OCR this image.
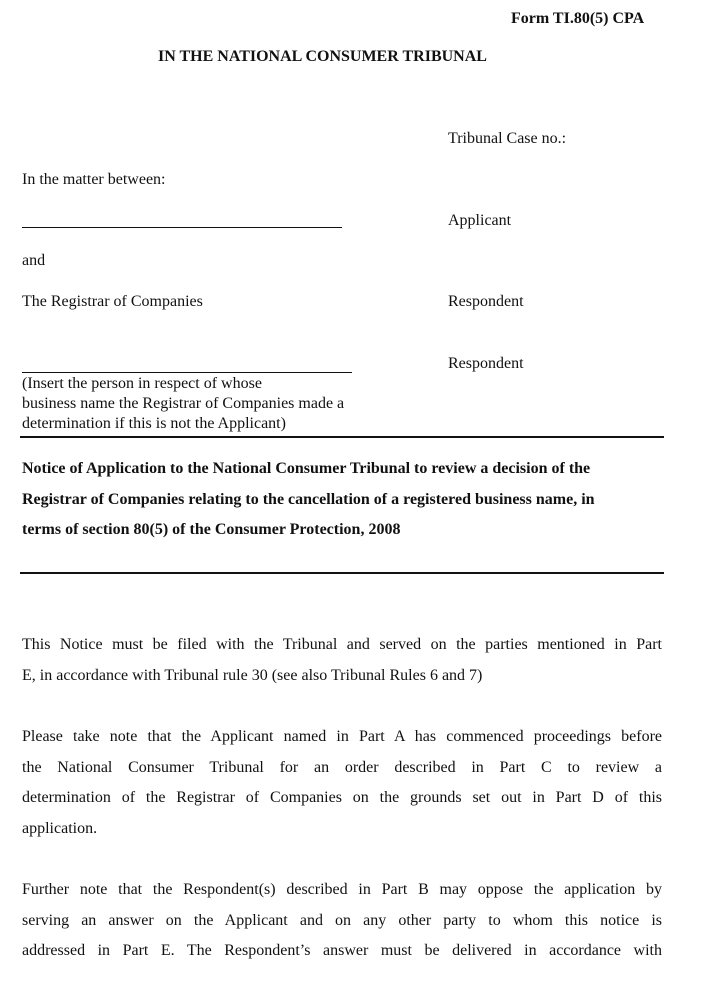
Form TI.80(5) CPA
IN THE NATIONAL CONSUMER TRIBUNAL
Tribunal Case no.:
In the matter between:
Applicant
and
The Registrar of Companies	Respondent
Respondent
(Insert the person in respect of whose
business name the Registrar of Companies made a
determination if this is not the Applicant)
Notice of Application to the National Consumer Tribunal to review a decision of the
Registrar of Companies relating to the cancellation of a registered business name, in
terms of section 80(5) of the Consumer Protection, 2008
This Notice must be filed with the Tribunal and served on the parties mentioned in Part
E, in accordance with Tribunal rule 30 (see also Tribunal Rules 6 and 7)
Please take note that the Applicant named in Part A has commenced proceedings before
the National Consumer Tribunal for an order described in Part C to review a
determination of the Registrar of Companies on the grounds set out in Part D of this
application.
Further note that the Respondent(s) described in Part B may oppose the application by
serving an answer on the Applicant and on any other party to whom this notice is
addressed in Part E. The Respondent’s answer must be delivered in accordance with
